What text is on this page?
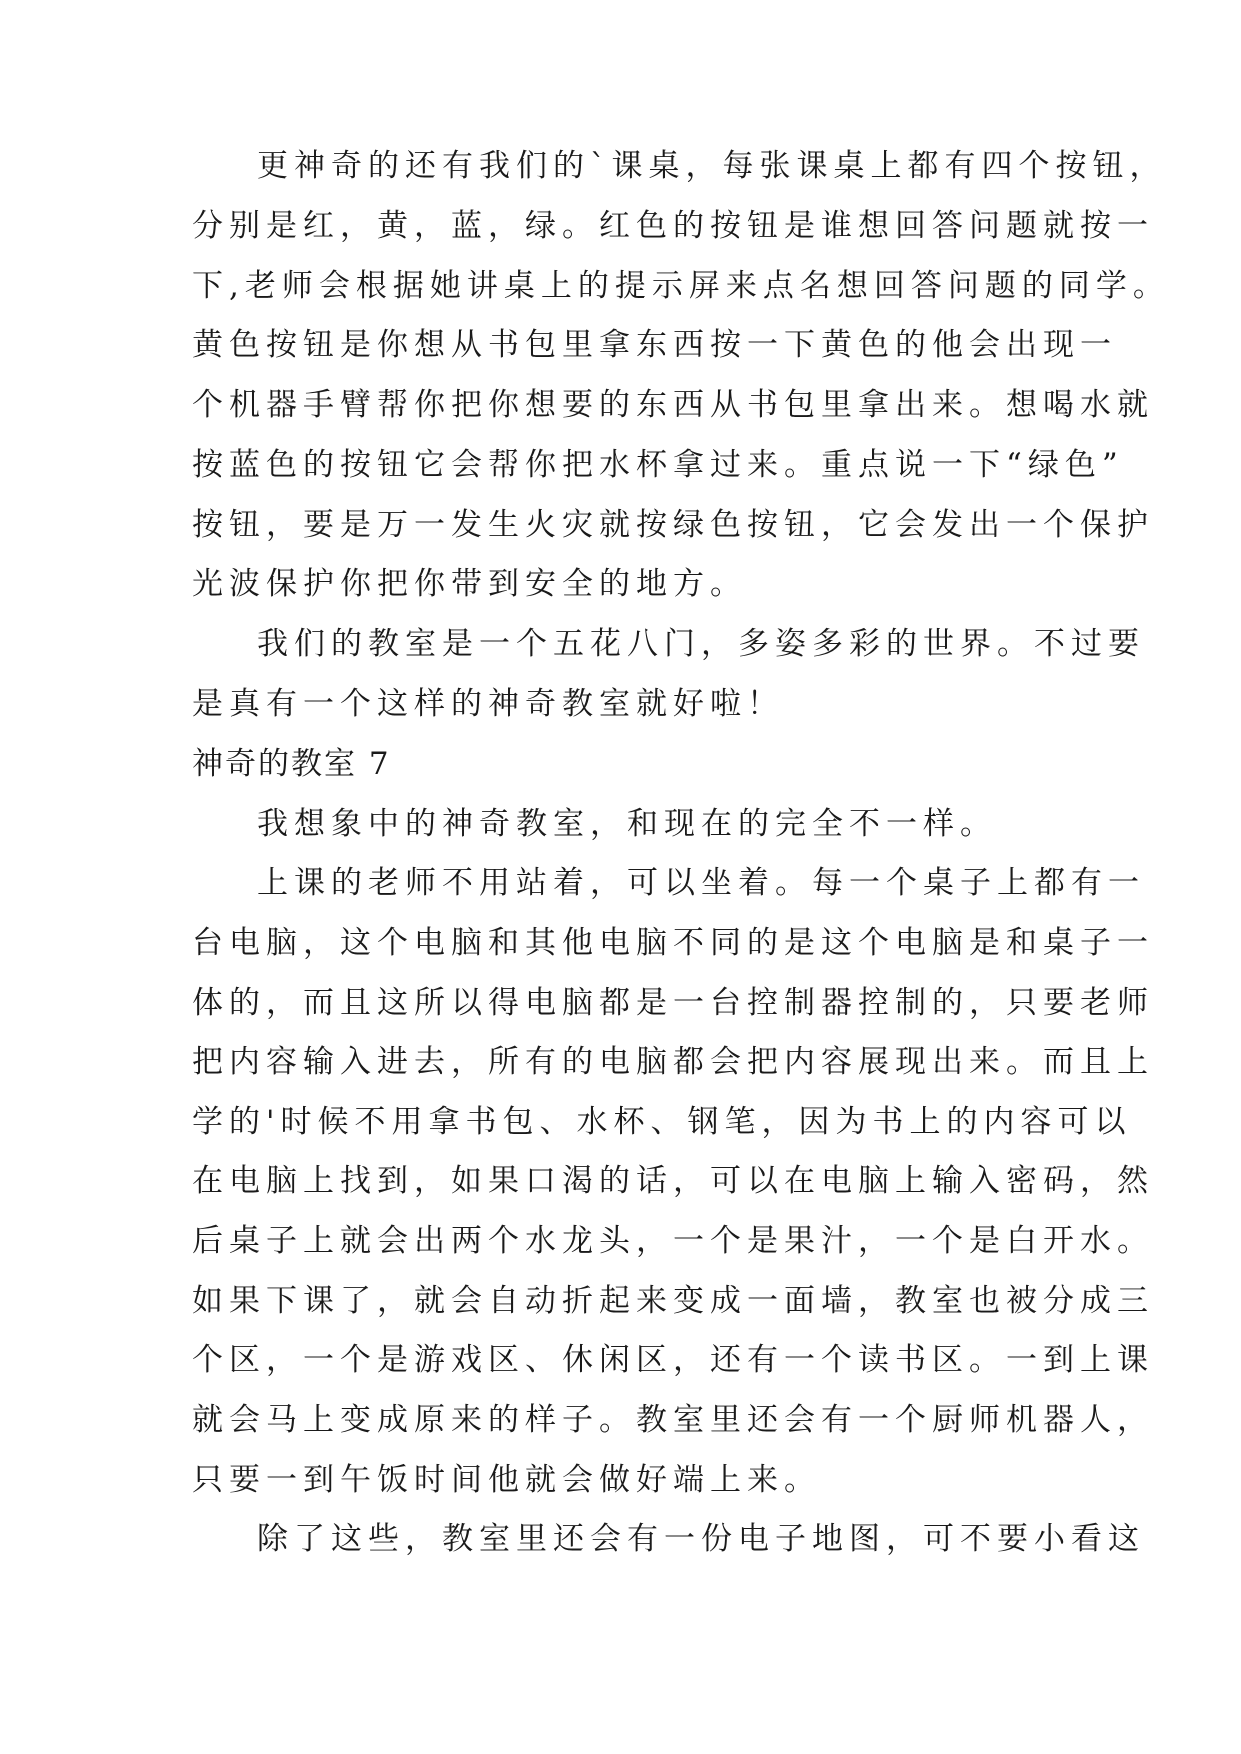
更神奇的还有我们的`课桌，每张课桌上都有四个按钮，
分别是红，黄，蓝，绿。红色的按钮是谁想回答问题就按一
下,老师会根据她讲桌上的提示屏来点名想回答问题的同学。
黄色按钮是你想从书包里拿东西按一下黄色的他会出现一
个机器手臂帮你把你想要的东西从书包里拿出来。想喝水就
按蓝色的按钮它会帮你把水杯拿过来。重点说一下“绿色”
按钮，要是万一发生火灾就按绿色按钮，它会发出一个保护
光波保护你把你带到安全的地方。
我们的教室是一个五花八门，多姿多彩的世界。不过要
是真有一个这样的神奇教室就好啦！
神奇的教室 7
我想象中的神奇教室，和现在的完全不一样。
上课的老师不用站着，可以坐着。每一个桌子上都有一
台电脑，这个电脑和其他电脑不同的是这个电脑是和桌子一
体的，而且这所以得电脑都是一台控制器控制的，只要老师
把内容输入进去，所有的电脑都会把内容展现出来。而且上
学的'时候不用拿书包、水杯、钢笔，因为书上的内容可以
在电脑上找到，如果口渴的话，可以在电脑上输入密码，然
后桌子上就会出两个水龙头，一个是果汁，一个是白开水。
如果下课了，就会自动折起来变成一面墙，教室也被分成三
个区，一个是游戏区、休闲区，还有一个读书区。一到上课
就会马上变成原来的样子。教室里还会有一个厨师机器人，
只要一到午饭时间他就会做好端上来。
除了这些，教室里还会有一份电子地图，可不要小看这
